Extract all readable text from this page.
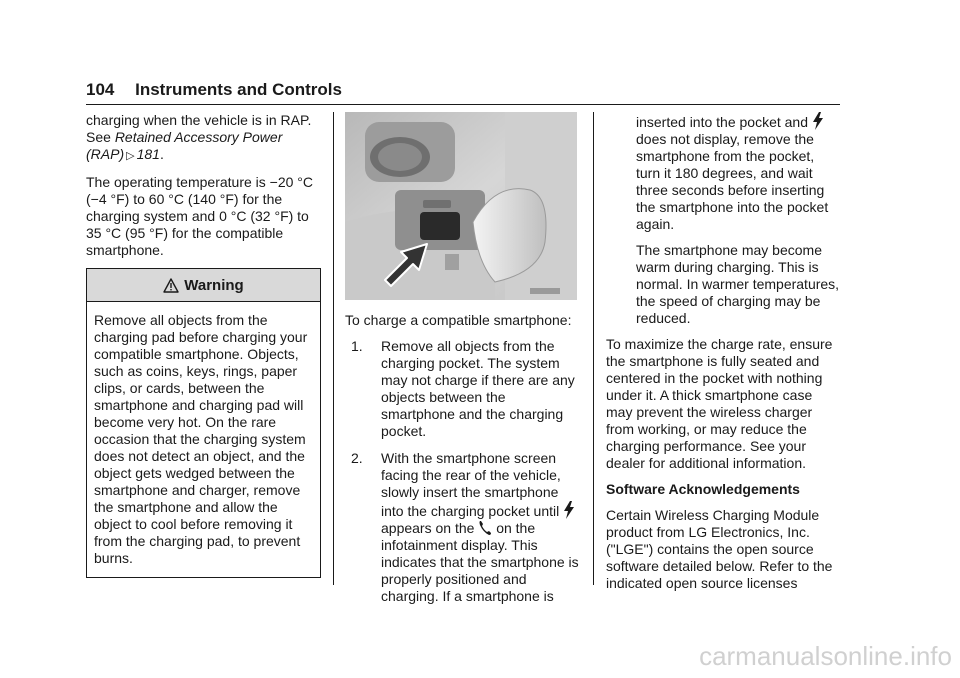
104 Instruments and Controls

charging when the vehicle is in RAP. See Retained Accessory Power (RAP) ▷ 181.

The operating temperature is −20 °C (−4 °F) to 60 °C (140 °F) for the charging system and 0 °C (32 °F) to 35 °C (95 °F) for the compatible smartphone.

Warning
Remove all objects from the charging pad before charging your compatible smartphone. Objects, such as coins, keys, rings, paper clips, or cards, between the smartphone and charging pad will become very hot. On the rare occasion that the charging system does not detect an object, and the object gets wedged between the smartphone and charger, remove the smartphone and allow the object to cool before removing it from the charging pad, to prevent burns.

To charge a compatible smartphone:

1. Remove all objects from the charging pocket. The system may not charge if there are any objects between the smartphone and the charging pocket.
2. With the smartphone screen facing the rear of the vehicle, slowly insert the smartphone into the charging pocket until  appears on the on the infotainment display. This indicates that the smartphone is properly positioned and charging. If a smartphone is

inserted into the pocket and  does not display, remove the smartphone from the pocket, turn it 180 degrees, and wait three seconds before inserting the smartphone into the pocket again.

The smartphone may become warm during charging. This is normal. In warmer temperatures, the speed of charging may be reduced.

To maximize the charge rate, ensure the smartphone is fully seated and centered in the pocket with nothing under it. A thick smartphone case may prevent the wireless charger from working, or may reduce the charging performance. See your dealer for additional information.

Software Acknowledgements

Certain Wireless Charging Module product from LG Electronics, Inc. ("LGE") contains the open source software detailed below. Refer to the indicated open source licenses

carmanualsonline.info
